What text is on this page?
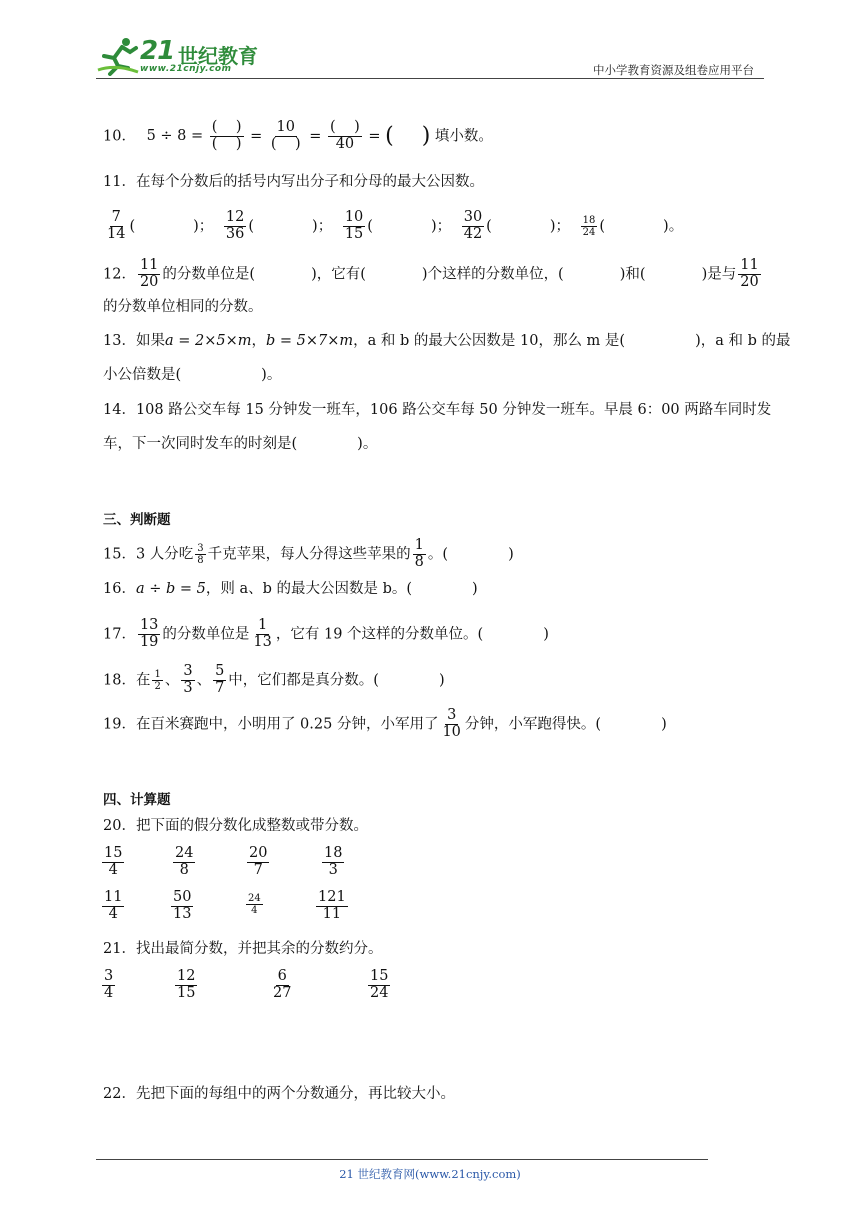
21 世纪教育
www.21cnjy.com	中小学教育资源及组卷应用平台
10． $5 \div 8 = \frac{( )}{( )} = \frac{10}{( )} = \frac{( )}{40}$ = (    ) 填小数。
11．在每个分数后的括号内写出分子和分母的最大公因数。
$\frac{7}{14}$ (	)； $\frac{12}{36}$ (	)； $\frac{10}{15}$ (	)； $\frac{30}{42}$ (	)； $\frac{18}{24}$ (	)。
12． $\frac{11}{20}$ 的分数单位是(	)，它有(	)个这样的分数单位，(	)和(	)是与 $\frac{11}{20}$
的分数单位相同的分数。
13．如果a = 2×5×m，b = 5×7×m，a 和 b 的最大公因数是 10，那么 m 是(	)，a 和 b 的最
小公倍数是(	)。
14．108 路公交车每 15 分钟发一班车，106 路公交车每 50 分钟发一班车。早晨 6：00 两路车同时发
车，下一次同时发车的时刻是(	)。
三、判断题
15．3 人分吃 $\frac{3}{8}$ 千克苹果，每人分得这些苹果的 $\frac{1}{8}$ 。(	)
16．a ÷ b = 5，则 a、b 的最大公因数是 b。(	)
17． $\frac{13}{19}$ 的分数单位是 $\frac{1}{13}$ ，它有 19 个这样的分数单位。(	)
18．在 $\frac{1}{2}$ 、 $\frac{3}{3}$ 、 $\frac{5}{7}$ 中，它们都是真分数。(	)
19．在百米赛跑中，小明用了 0.25 分钟，小军用了 $\frac{3}{10}$ 分钟，小军跑得快。(	)
四、计算题
20．把下面的假分数化成整数或带分数。
$\frac{15}{4}$	$\frac{24}{8}$	$\frac{20}{7}$	$\frac{18}{3}$
$\frac{11}{4}$	$\frac{50}{13}$	$\frac{24}{4}$	$\frac{121}{11}$
21．找出最简分数，并把其余的分数约分。
$\frac{3}{4}$	$\frac{12}{15}$	$\frac{6}{27}$	$\frac{15}{24}$
22．先把下面的每组中的两个分数通分，再比较大小。
21 世纪教育网(www.21cnjy.com)
